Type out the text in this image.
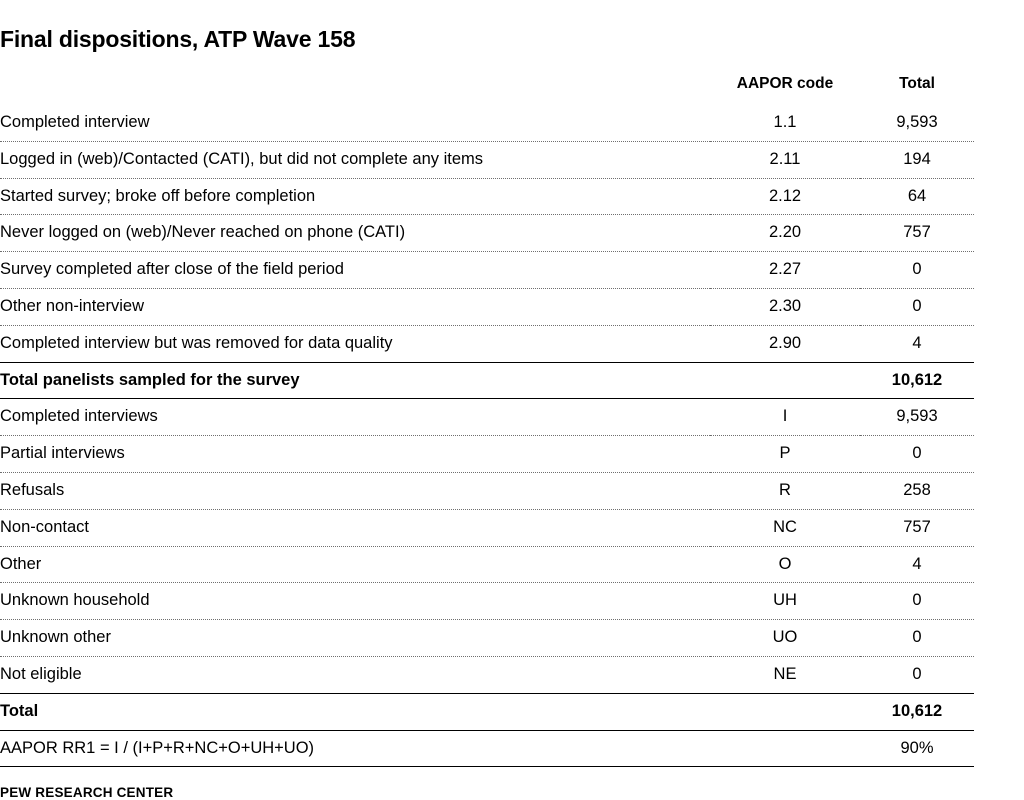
Final dispositions, ATP Wave 158
	AAPOR code	Total
Completed interview	1.1	9,593
Logged in (web)/Contacted (CATI), but did not complete any items	2.11	194
Started survey; broke off before completion	2.12	64
Never logged on (web)/Never reached on phone (CATI)	2.20	757
Survey completed after close of the field period	2.27	0
Other non-interview	2.30	0
Completed interview but was removed for data quality	2.90	4
Total panelists sampled for the survey		10,612
Completed interviews	I	9,593
Partial interviews	P	0
Refusals	R	258
Non-contact	NC	757
Other	O	4
Unknown household	UH	0
Unknown other	UO	0
Not eligible	NE	0
Total		10,612
AAPOR RR1 = I / (I+P+R+NC+O+UH+UO)		90%
PEW RESEARCH CENTER
